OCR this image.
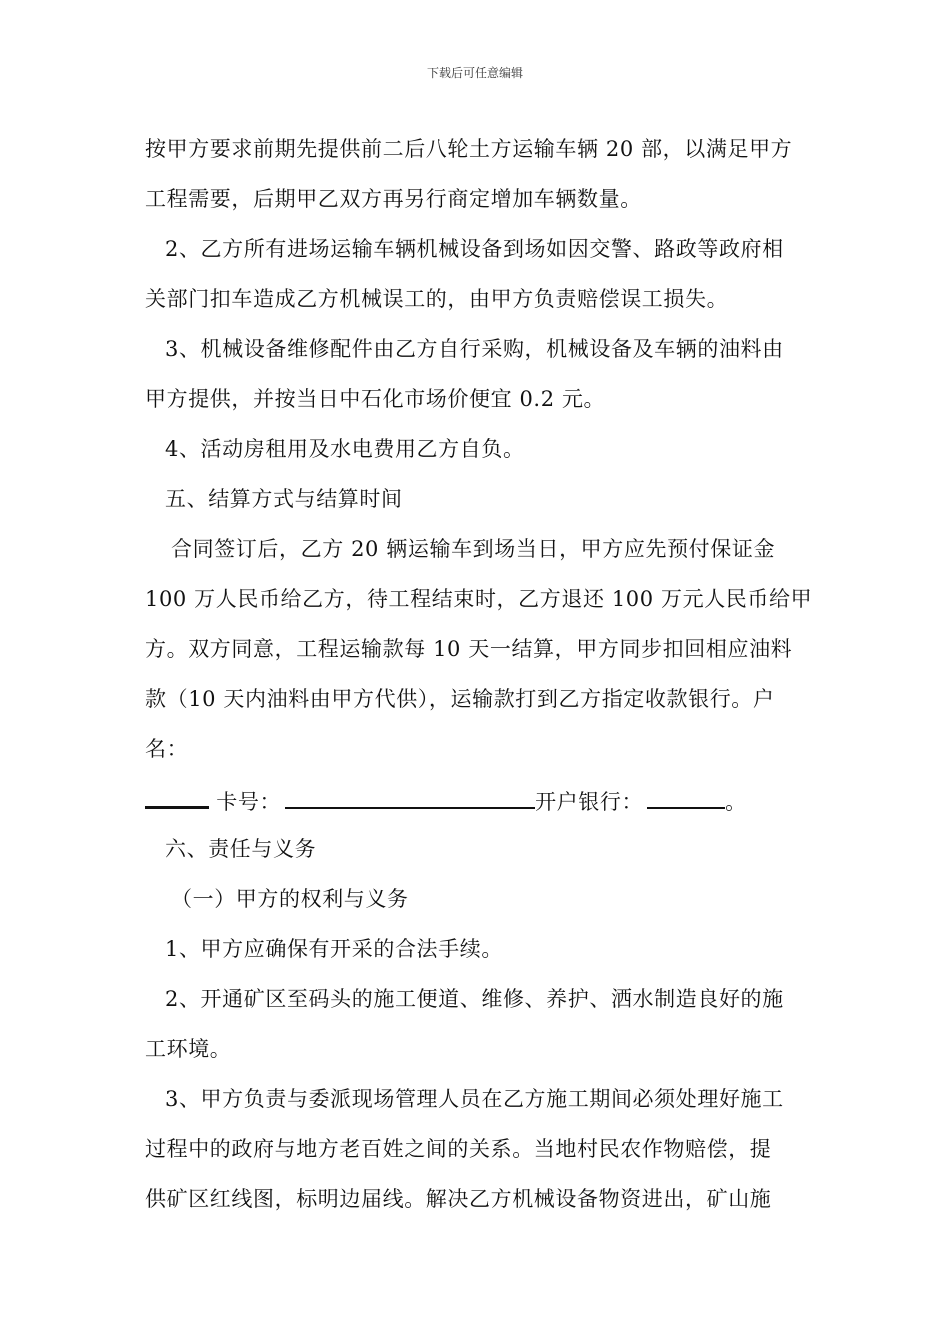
下载后可任意编辑
按甲方要求前期先提供前二后八轮土方运输车辆 20 部，以满足甲方
工程需要，后期甲乙双方再另行商定增加车辆数量。
2、乙方所有进场运输车辆机械设备到场如因交警、路政等政府相
关部门扣车造成乙方机械误工的，由甲方负责赔偿误工损失。
3、机械设备维修配件由乙方自行采购，机械设备及车辆的油料由
甲方提供，并按当日中石化市场价便宜 0.2 元。
4、活动房租用及水电费用乙方自负。
五、结算方式与结算时间
合同签订后，乙方 20 辆运输车到场当日，甲方应先预付保证金
100 万人民币给乙方，待工程结束时，乙方退还 100 万元人民币给甲
方。双方同意，工程运输款每 10 天一结算，甲方同步扣回相应油料
款（10 天内油料由甲方代供），运输款打到乙方指定收款银行。户
名：
卡号：	开户银行：	。
六、责任与义务
（一）甲方的权利与义务
1、甲方应确保有开采的合法手续。
2、开通矿区至码头的施工便道、维修、养护、洒水制造良好的施
工环境。
3、甲方负责与委派现场管理人员在乙方施工期间必须处理好施工
过程中的政府与地方老百姓之间的关系。当地村民农作物赔偿，提
供矿区红线图，标明边届线。解决乙方机械设备物资进出，矿山施
